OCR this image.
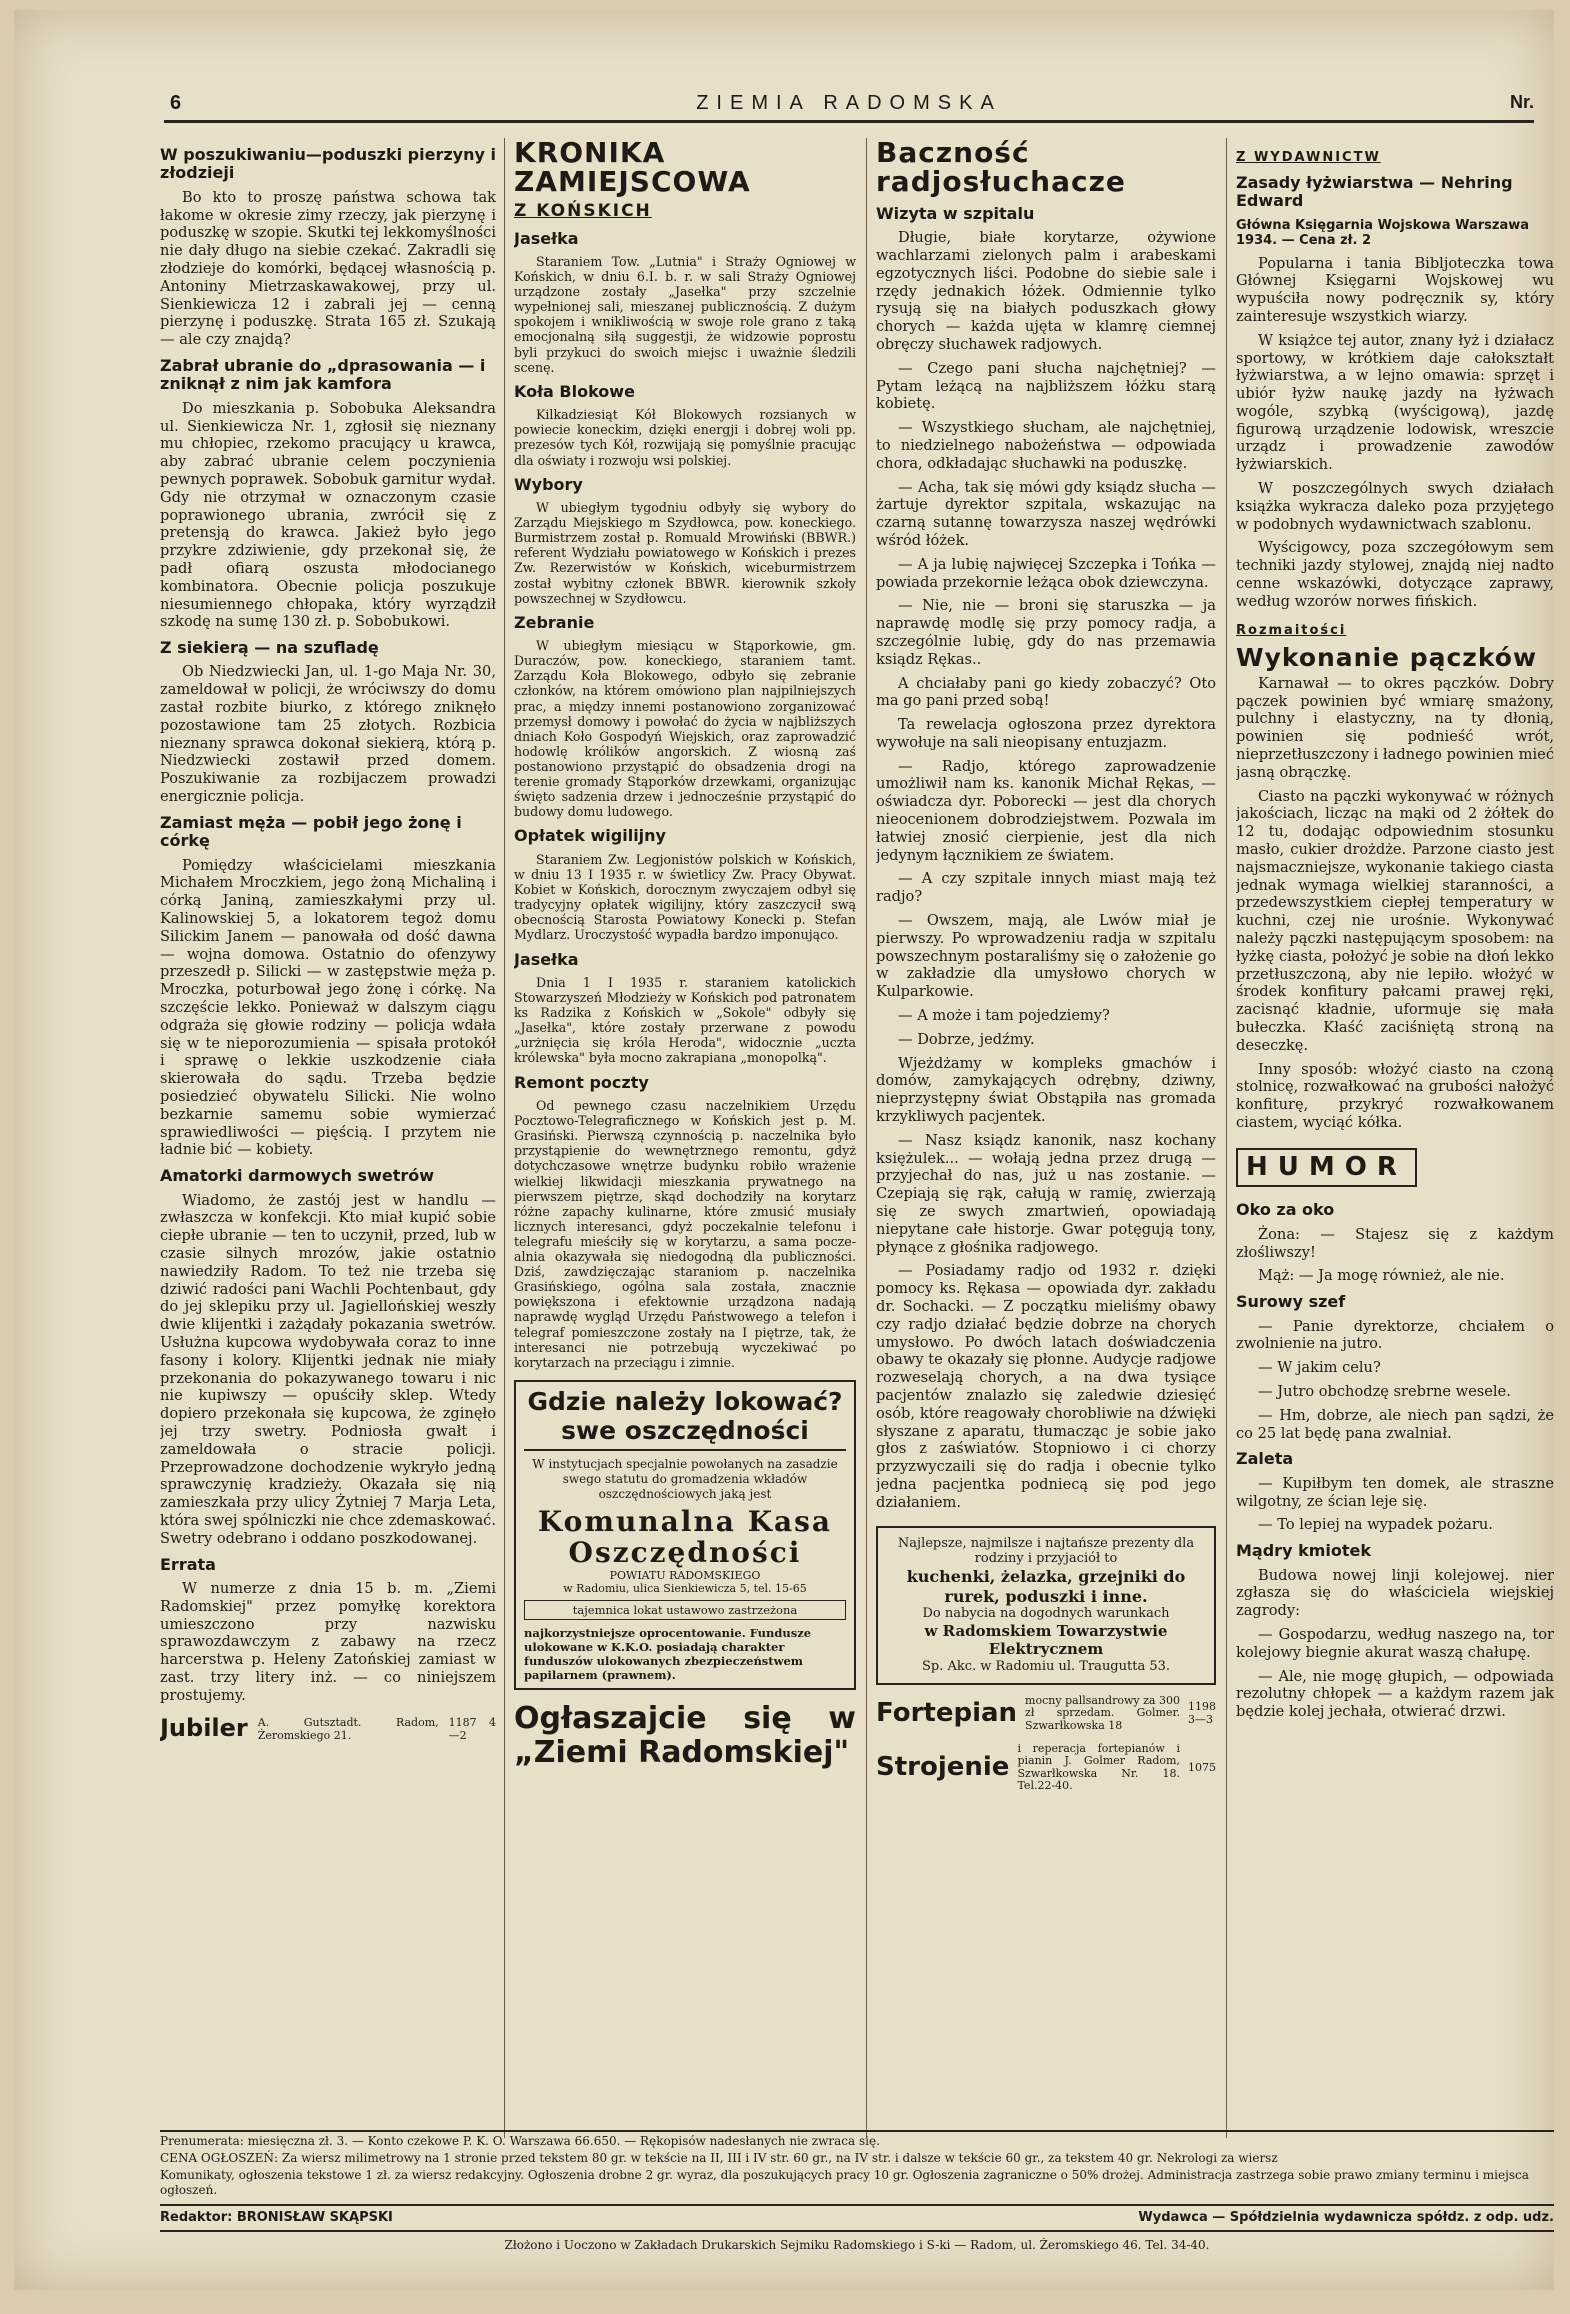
6	ZIEMIA RADOMSKA	Nr.
W poszukiwaniu—poduszki pierzyny i złodzieji

Bo kto to proszę państwa schowa tak łakome w okresie zimy rzeczy, jak pierzynę i poduszkę w szopie. Skutki tej lekkomyślności nie dały długo na siebie czekać. Zakradli się złodzieje do komórki, będącej własnością p. Antoniny Mietrzaskawakowej, przy ul. Sienkiewicza 12 i zabrali jej — cenną pierzynę i poduszkę. Strata 165 zł. Szukają — ale czy znajdą?

Zabrał ubranie do „dprasowania — i zniknął z nim jak kamfora

Do mieszkania p. Sobobuka Aleksandra ul. Sienkiewicza Nr. 1, zgłosił się nieznany mu chłopiec, rzekomo pracujący u krawca, aby zabrać ubranie celem poczynienia pewnych poprawek. Sobobuk garnitur wydał. Gdy nie otrzymał w oznaczonym czasie poprawionego ubrania, zwrócił się z pretensją do krawca. Jakież było jego przykre zdziwienie, gdy przekonał się, że padł ofiarą oszusta młodocianego kombinatora. Obecnie policja poszukuje niesumiennego chłopaka, który wyrządził szkodę na sumę 130 zł. p. Sobobukowi.

Z siekierą — na szufladę

Ob Niedzwiecki Jan, ul. 1-go Maja Nr. 30, zameldował w policji, że wróciwszy do domu zastał rozbite biurko, z którego zniknęło pozostawione tam 25 złotych. Rozbicia nieznany sprawca dokonał siekierą, którą p. Niedzwiecki zostawił przed domem. Poszukiwanie za rozbijaczem prowadzi energicznie policja.

Zamiast męża — pobił jego żonę i córkę

Pomiędzy właścicielami mieszkania Michałem Mroczkiem, jego żoną Michaliną i córką Janiną, zamieszkałymi przy ul. Kalinowskiej 5, a lokatorem tegoż domu Silickim Janem — panowała od dość dawna — wojna domowa. Ostatnio do ofenzywy przeszedł p. Silicki — w zastępstwie męża p. Mroczka, poturbował jego żonę i córkę. Na szczęście lekko. Ponieważ w dalszym ciągu odgraża się głowie rodziny — policja wdała się w te nieporozumienia — spisała protokół i sprawę o lekkie uszkodzenie ciała skierowała do sądu. Trzeba będzie posiedzieć obywatelu Silicki. Nie wolno bezkarnie samemu sobie wymierzać sprawiedliwości — pięścią. I przytem nie ładnie bić — kobiety.

Amatorki darmowych swetrów

Wiadomo, że zastój jest w handlu — zwłaszcza w konfekcji. Kto miał kupić sobie ciepłe ubranie — ten to uczynił, przed, lub w czasie silnych mrozów, jakie ostatnio nawiedziły Radom. To też nie trzeba się dziwić radości pani Wachli Pochtenbaut, gdy do jej sklepiku przy ul. Jagiellońskiej weszły dwie klijentki i zażądały pokazania swetrów. Usłużna kupcowa wydobywała coraz to inne fasony i kolory. Klijentki jednak nie miały przekonania do pokazywanego towaru i nic nie kupiwszy — opuściły sklep. Wtedy dopiero przekonała się kupcowa, że zginęło jej trzy swetry. Podniosła gwałt i zameldowała o stracie policji. Przeprowadzone dochodzenie wykryło jedną sprawczynię kradzieży. Okazała się nią zamieszkała przy ulicy Żytniej 7 Marja Leta, która swej spólniczki nie chce zdemaskować. Swetry odebrano i oddano poszkodowanej.

Errata

W numerze z dnia 15 b. m. „Ziemi Radomskiej" przez pomyłkę korektora umieszczono przy nazwisku sprawozdawczym z zabawy na rzecz harcerstwa p. Heleny Zatońskiej zamiast w zast. trzy litery inż. — co niniejszem prostujemy.

Jubiler A. Gutsztadt. Radom, Żeromskiego 21.
1187 4—2
KRONIKA ZAMIEJSCOWA
Z KOŃSKICH
Jasełka

Staraniem Tow. „Lutnia" i Straży Ogniowej w Końskich, w dniu 6.I. b. r. w sali Straży Ogniowej urządzone zostały „Jasełka" przy szczelnie wypełnionej sali, mieszanej publicznością. Z dużym spokojem i wnikliwością w swoje role grano z taką emocjonalną siłą suggestji, że widzowie poprostu byli przykuci do swoich miejsc i uważnie śledzili scenę.

Koła Blokowe

Kilkadziesiąt Kół Blokowych rozsianych w powiecie koneckim, dzięki energji i dobrej woli pp. prezesów tych Kół, rozwijają się pomyślnie pracując dla oświaty i rozwoju wsi polskiej.

Wybory

W ubiegłym tygodniu odbyły się wybory do Zarządu Miejskiego m Szydłowca, pow. koneckiego. Burmistrzem został p. Romuald Mrowiński (BBWR.) referent Wydziału powiatowego w Końskich i prezes Zw. Rezerwistów w Końskich, wiceburmistrzem został wybitny członek BBWR. kierownik szkoły powszechnej w Szydłowcu.

Zebranie

W ubiegłym miesiącu w Stąporkowie, gm. Duraczów, pow. koneckiego, staraniem tamt. Zarządu Koła Blokowego, odbyło się zebranie członków, na którem omówiono plan najpilniejszych prac, a między innemi postanowiono zorganizować przemysł domowy i powołać do życia w najbliższych dniach Koło Gospodyń Wiejskich, oraz zaprowadzić hodowlę królików angorskich. Z wiosną zaś postanowiono przystąpić do obsadzenia drogi na terenie gromady Stąporków drzewkami, organizując święto sadzenia drzew i jednocześnie przystąpić do budowy domu ludowego.

Opłatek wigilijny

Staraniem Zw. Legjonistów polskich w Końskich, w dniu 13 I 1935 r. w świetlicy Zw. Pracy Obywat. Kobiet w Końskich, dorocznym zwyczajem odbył się tradycyjny opłatek wigilijny, który zaszczycił swą obecnością Starosta Powiatowy Konecki p. Stefan Mydlarz. Uroczystość wypadła bardzo imponująco.

Jasełka

Dnia 1 I 1935 r. staraniem katolickich Stowarzyszeń Młodzieży w Końskich pod patronatem ks Radzika z Końskich w „Sokole" odbyły się „Jasełka", które zostały przerwane z powodu „urżnięcia się króla Heroda", widocznie „uczta królewska" była mocno zakrapiana „monopolką".

Remont poczty

Od pewnego czasu naczelnikiem Urzędu Pocztowo-Telegraficznego w Końskich jest p. M. Grasiński. Pierwszą czynnością p. naczelnika było przystąpienie do wewnętrznego remontu, gdyż dotychczasowe wnętrze budynku robiło wrażenie wielkiej likwidacji mieszkania prywatnego na pierwszem piętrze, skąd dochodziły na korytarz różne zapachy kulinarne, które zmusić musiały licznych interesanci, gdyż poczekalnie telefonu i telegrafu mieściły się w korytarzu, a sama pocze-alnia okazywała się niedogodną dla publiczności. Dziś, zawdzięczając staraniom p. naczelnika Grasińskiego, ogólna sala została, znacznie powiększona i efektownie urządzona nadają naprawdę wygląd Urzędu Państwowego a telefon i telegraf pomieszczone zostały na I piętrze, tak, że interesanci nie potrzebują wyczekiwać po korytarzach na przeciągu i zimnie.

Gdzie należy lokować? swe oszczędności
W instytucjach specjalnie powołanych na zasadzie swego statutu do gromadzenia wkładów oszczędnościowych jaką jest
Komunalna Kasa Oszczędności
POWIATU RADOMSKIEGO
w Radomiu, ulica Sienkiewicza 5, tel. 15-65
tajemnica lokat ustawowo zastrzeżona
najkorzystniejsze oprocentowanie. Fundusze ulokowane w K.K.O. posiadają charakter funduszów ulokowanych zbezpieczeństwem papilarnem (prawnem).
Ogłaszajcie się w „Ziemi Radomskiej"
Baczność radjosłuchacze
Wizyta w szpitalu

Długie, białe korytarze, ożywione wachlarzami zielonych palm i arabeskami egzotycznych liści. Podobne do siebie sale i rzędy jednakich łóżek. Odmiennie tylko rysują się na białych poduszkach głowy chorych — każda ujęta w klamrę ciemnej obręczy słuchawek radjowych.

— Czego pani słucha najchętniej? — Pytam leżącą na najbliższem łóżku starą kobietę.

— Wszystkiego słucham, ale najchętniej, to niedzielnego nabożeństwa — odpowiada chora, odkładając słuchawki na poduszkę.

— Acha, tak się mówi gdy ksiądz słucha — żartuje dyrektor szpitala, wskazując na czarną sutannę towarzysza naszej wędrówki wśród łóżek.

— A ja lubię najwięcej Szczepka i Tońka — powiada przekornie leżąca obok dziewczyna.

— Nie, nie — broni się staruszka — ja naprawdę modlę się przy pomocy radja, a szczególnie lubię, gdy do nas przemawia ksiądz Rękas..

A chciałaby pani go kiedy zobaczyć? Oto ma go pani przed sobą!

Ta rewelacja ogłoszona przez dyrektora wywołuje na sali nieopisany entuzjazm.

— Radjo, którego zaprowadzenie umożliwił nam ks. kanonik Michał Rękas, — oświadcza dyr. Poborecki — jest dla chorych nieocenionem dobrodziejstwem. Pozwala im łatwiej znosić cierpienie, jest dla nich jedynym łącznikiem ze światem.

— A czy szpitale innych miast mają też radjo?

— Owszem, mają, ale Lwów miał je pierwszy. Po wprowadzeniu radja w szpitalu powszechnym postaraliśmy się o założenie go w zakładzie dla umysłowo chorych w Kulparkowie.

— A może i tam pojedziemy?

— Dobrze, jedźmy.

Wjeżdżamy w kompleks gmachów i domów, zamykających odrębny, dziwny, nieprzystępny świat Obstąpiła nas gromada krzykliwych pacjentek.

— Nasz ksiądz kanonik, nasz kochany księżulek... — wołają jedna przez drugą — przyjechał do nas, już u nas zostanie. — Czepiają się rąk, całują w ramię, zwierzają się ze swych zmartwień, opowiadają niepytane całe historje. Gwar potęgują tony, płynące z głośnika radjowego.

— Posiadamy radjo od 1932 r. dzięki pomocy ks. Rękasa — opowiada dyr. zakładu dr. Sochacki. — Z początku mieliśmy obawy czy radjo działać będzie dobrze na chorych umysłowo. Po dwóch latach doświadczenia obawy te okazały się płonne. Audycje radjowe rozweselają chorych, a na dwa tysiące pacjentów znalazło się zaledwie dziesięć osób, które reagowały chorobliwie na dźwięki słyszane z aparatu, tłumacząc je sobie jako głos z zaświatów. Stopniowo i ci chorzy przyzwyczaili się do radja i obecnie tylko jedna pacjentka podniecą się pod jego działaniem.

Najlepsze, najmilsze i najtańsze prezenty dla rodziny i przyjaciół to
kuchenki, żelazka, grzejniki do rurek, poduszki i inne.
Do nabycia na dogodnych warunkach
w Radomskiem Towarzystwie Elektrycznem
Sp. Akc. w Radomiu ul. Traugutta 53.
Fortepian mocny pallsandrowy za 300 zł sprzedam. Golmer. Szwarłkowska 18
1198 3—3
Strojenie
i reperacja fortepianów i pianin J. Golmer Radom, Szwarłkowska Nr. 18. Tel.22-40.
1075
Z WYDAWNICTW
Zasady łyżwiarstwa — Nehring Edward
Główna Księgarnia Wojskowa Warszawa 1934. — Cena zł. 2

Popularna i tania Bibljoteczka towa Głównej Księgarni Wojskowej wu wypuściła nowy podręcznik sy, który zainteresuje wszystkich wiarzy.

W książce tej autor, znany łyż i działacz sportowy, w krótkiem daje całokształt łyżwiarstwa, a w lejno omawia: sprzęt i ubiór łyżw naukę jazdy na łyżwach wogóle, szybką (wyścigową), jazdę figurową urządzenie lodowisk, wreszcie urządz i prowadzenie zawodów łyżwiarskich.

W poszczególnych swych działach książka wykracza daleko poza przyjętego w podobnych wydawnictwach szablonu.

Wyścigowcy, poza szczegółowym sem techniki jazdy stylowej, znajdą niej nadto cenne wskazówki, dotyczące zaprawy, według wzorów norwes fińskich.

Rozmaitości
Wykonanie pączków

Karnawał — to okres pączków. Dobry pączek powinien być wmiarę smażony, pulchny i elastyczny, na ty dłonią, powinien się podnieść wrót, nieprzetłuszczony i ładnego powinien mieć jasną obrączkę.

Ciasto na pączki wykonywać w różnych jakościach, licząc na mąki od 2 żółtek do 12 tu, dodając odpowiednim stosunku masło, cukier drożdże. Parzone ciasto jest najsmaczniejsze, wykonanie takiego ciasta jednak wymaga wielkiej staranności, a przedewszystkiem ciepłej temperatury w kuchni, czej nie urośnie. Wykonywać należy pączki następującym sposobem: na łyżkę ciasta, położyć je sobie na dłoń lekko przetłuszczoną, aby nie lepiło. włożyć w środek konfitury pałcami prawej ręki, zacisnąć kładnie, uformuje się mała bułeczka. Kłaść zaciśniętą stroną na deseczkę.

Inny sposób: włożyć ciasto na czoną stolnicę, rozwałkować na grubości nałożyć konfiturę, przykryć rozwałkowanem ciastem, wyciąć kółka.

HUMOR
Oko za oko

Żona: — Stajesz się z każdym złośliwszy!

Mąż: — Ja mogę również, ale nie.

Surowy szef

— Panie dyrektorze, chciałem o zwolnienie na jutro.

— W jakim celu?

— Jutro obchodzę srebrne wesele.

— Hm, dobrze, ale niech pan sądzi, że co 25 lat będę pana zwalniał.

Zaleta

— Kupiłbym ten domek, ale straszne wilgotny, ze ścian leje się.

— To lepiej na wypadek pożaru.

Mądry kmiotek

Budowa nowej linji kolejowej. nier zgłasza się do właściciela wiejskiej zagrody:

— Gospodarzu, według naszego na, tor kolejowy biegnie akurat waszą chałupę.

— Ale, nie mogę głupich, — odpowiada rezolutny chłopek — a każdym razem jak będzie kolej jechała, otwierać drzwi.

Prenumerata: miesięczna zł. 3. — Konto czekowe P. K. O. Warszawa 66.650. — Rękopisów nadesłanych nie zwraca się.
CENA OGŁOSZEŃ: Za wiersz milimetrowy na 1 stronie przed tekstem 80 gr. w tekście na II, III i IV str. 60 gr., na IV str. i dalsze w tekście 60 gr., za tekstem 40 gr. Nekrologi za wiersz
Komunikaty, ogłoszenia tekstowe 1 zł. za wiersz redakcyjny. Ogłoszenia drobne 2 gr. wyraz, dla poszukujących pracy 10 gr. Ogłoszenia zagraniczne o 50% drożej. Administracja zastrzega sobie prawo zmiany terminu i miejsca ogłoszeń.
Redaktor: BRONISŁAW SKĄPSKI	Wydawca — Spółdzielnia wydawnicza spółdz. z odp. udz.
Złożono i Uoczono w Zakładach Drukarskich Sejmiku Radomskiego i S-ki — Radom, ul. Żeromskiego 46. Tel. 34-40.
